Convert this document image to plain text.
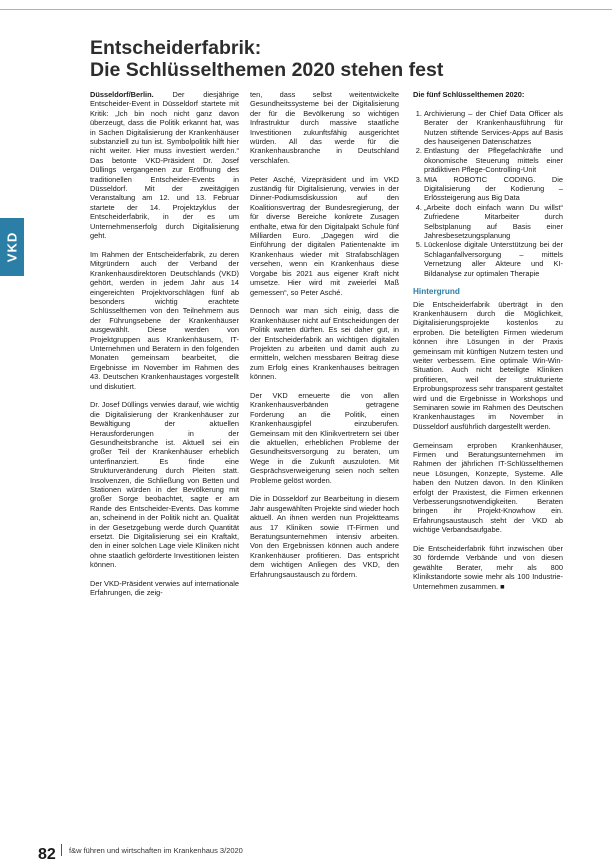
VKD
Entscheiderfabrik:
Die Schlüsselthemen 2020 stehen fest

Düsseldorf/Berlin.	Der diesjährige Entscheider-Event in Düsseldorf startete mit Kritik: „Ich bin noch nicht ganz davon überzeugt, dass die Politik erkannt hat, was in Sachen Digitalisierung der Krankenhäuser substanziell zu tun ist. Symbolpolitik hilft hier nicht weiter. Hier muss investiert werden.“ Das betonte VKD-Präsident Dr. Josef Düllings vergangenen zur Eröffnung des traditionellen Entscheider-Events in Düsseldorf. Mit der zweitägigen Veranstaltung am 12. und 13. Februar startete der 14. Projektzyklus der Entscheiderfabrik, in der es um Unternehmenserfolg durch Digitalisierung geht.

Im Rahmen der Entscheiderfabrik, zu deren Mitgründern auch der Verband der Krankenhausdirektoren Deutschlands (VKD) gehört, werden in jedem Jahr aus 14 eingereichten Projektvorschlägen fünf ab besonders wichtig erachtete Schlüsselthemen von den Teilnehmern aus der Führungsebene der Krankenhäuser ausgewählt. Diese werden von Projektgruppen aus Krankenhäusern, IT-Unternehmen und Beratern in den folgenden Monaten gemeinsam bearbeitet, die Ergebnisse im November im Rahmen des 43. Deutschen Krankenhaustages vorgestellt und diskutiert.

Dr. Josef Düllings verwies darauf, wie wichtig die Digitalisierung der Krankenhäuser zur Bewältigung der aktuellen Herausforderungen in der Gesundheitsbranche ist. Aktuell sei ein großer Teil der Krankenhäuser erheblich unterfinanziert. Es finde eine Strukturveränderung durch Pleiten statt. Insolvenzen, die Schließung von Betten und Stationen würden in der Bevölkerung mit großer Sorge beobachtet, sagte er am Rande des Entscheider-Events. Das komme an, scheinend in der Politik nicht an. Qualität in der Gesetzgebung werde durch Quantität ersetzt. Die Digitalisierung sei ein Kraftakt, den in einer solchen Lage viele Kliniken nicht ohne staatlich geförderte Investitionen leisten können.

Der VKD-Präsident verwies auf internationale Erfahrungen, die zeig-

ten, dass selbst weitentwickelte Gesundheitssysteme bei der Digitalisierung der für die Bevölkerung so wichtigen Infrastruktur durch massive staatliche Investitionen zukunftsfähig ausgerichtet würden. All das werde für die Krankenhausbranche in Deutschland verschlafen.

Peter Asché, Vizepräsident und im VKD zuständig für Digitalisierung, verwies in der Dinner-Podiumsdiskussion auf den Koalitionsvertrag der Bundesregierung, der für diverse Bereiche konkrete Zusagen enthalte, etwa für den Digitalpakt Schule fünf Milliarden Euro. „Dagegen wird die Einführung der digitalen Patientenakte im Krankenhaus wieder mit Strafabschlägen versehen, wenn ein Krankenhaus diese Vorgabe bis 2021 aus eigener Kraft nicht umsetze. Hier wird mit zweierlei Maß gemessen“, so Peter Asché.

Dennoch war man sich einig, dass die Krankenhäuser nicht auf Entscheidungen der Politik warten dürften. Es sei daher gut, in der Entscheiderfabrik an wichtigen digitalen Projekten zu arbeiten und damit auch zu ermitteln, welchen messbaren Beitrag diese zum Erfolg eines Krankenhauses beitragen können.

Der VKD erneuerte die von allen Krankenhausverbänden getragene Forderung an die Politik, einen Krankenhausgipfel einzuberufen. Gemeinsam mit den Klinikvertretern sei über die aktuellen, erheblichen Probleme der Gesundheitsversorgung zu beraten, um Wege in die Zukunft auszuloten. Mit Gesprächsverweigerung seien noch selten Probleme gelöst worden.

Die in Düsseldorf zur Bearbeitung in diesem Jahr ausgewählten Projekte sind wieder hoch aktuell. An ihnen werden nun Projektteams aus 17 Kliniken sowie IT-Firmen und Beratungsunternehmen intensiv arbeiten. Von den Ergebnissen können auch andere Krankenhäuser profitieren. Das entspricht dem wichtigen Anliegen des VKD, den Erfahrungsaustausch zu fördern.

Die fünf Schlüsselthemen 2020:

1. Archivierung – der Chief Data Officer als Berater der Krankenhausführung für Nutzen stiftende Services-Apps auf Basis des hauseigenen Datenschatzes
2. Entlastung der Pflegefachkräfte und ökonomische Steuerung mittels einer prädiktiven Pflege-Controlling-Unit
3. MIA ROBOTIC CODING. Die Digitalisierung der Kodierung – Erlössteigerung aus Big Data
4. „Arbeite doch einfach wann Du willst“ Zufriedene Mitarbeiter durch Selbstplanung auf Basis einer Jahresbesetzungsplanung
5. Lückenlose digitale Unterstützung bei der Schlaganfallversorgung – mittels Vernetzung aller Akteure und KI-Bildanalyse zur optimalen Therapie
Hintergrund

Die Entscheiderfabrik überträgt in den Krankenhäusern durch die Möglichkeit, Digitalisierungsprojekte kostenlos zu erproben. Die beteiligten Firmen wiederum können ihre Lösungen in der Praxis gemeinsam mit künftigen Nutzern testen und weiter verbessern. Eine optimale Win-Win-Situation. Auch nicht beteiligte Kliniken profitieren, weil der strukturierte Erprobungsprozess sehr transparent gestaltet wird und die Ergebnisse in Workshops und Seminaren sowie im Rahmen des Deutschen Krankenhaustages im November in Düsseldorf ausführlich dargestellt werden.

Gemeinsam erproben Krankenhäuser, Firmen und Beratungsunternehmen im Rahmen der jährlichen IT-Schlüsselthemen neue Lösungen, Konzepte, Systeme. Alle haben den Nutzen davon. In den Kliniken erfolgt der Praxistest, die Firmen erkennen Verbesserungsnotwendigkeiten. Beraten bringen ihr Projekt-Knowhow ein. Erfahrungsaustausch steht der VKD ab wichtige Verbandsaufgabe.

Die Entscheiderfabrik führt inzwischen über 30 fördernde Verbände und von diesen gewählte Berater, mehr als 800 Klinikstandorte sowie mehr als 100 Industrie-Unternehmen zusammen. ■

82 f&w führen und wirtschaften im Krankenhaus 3/2020
